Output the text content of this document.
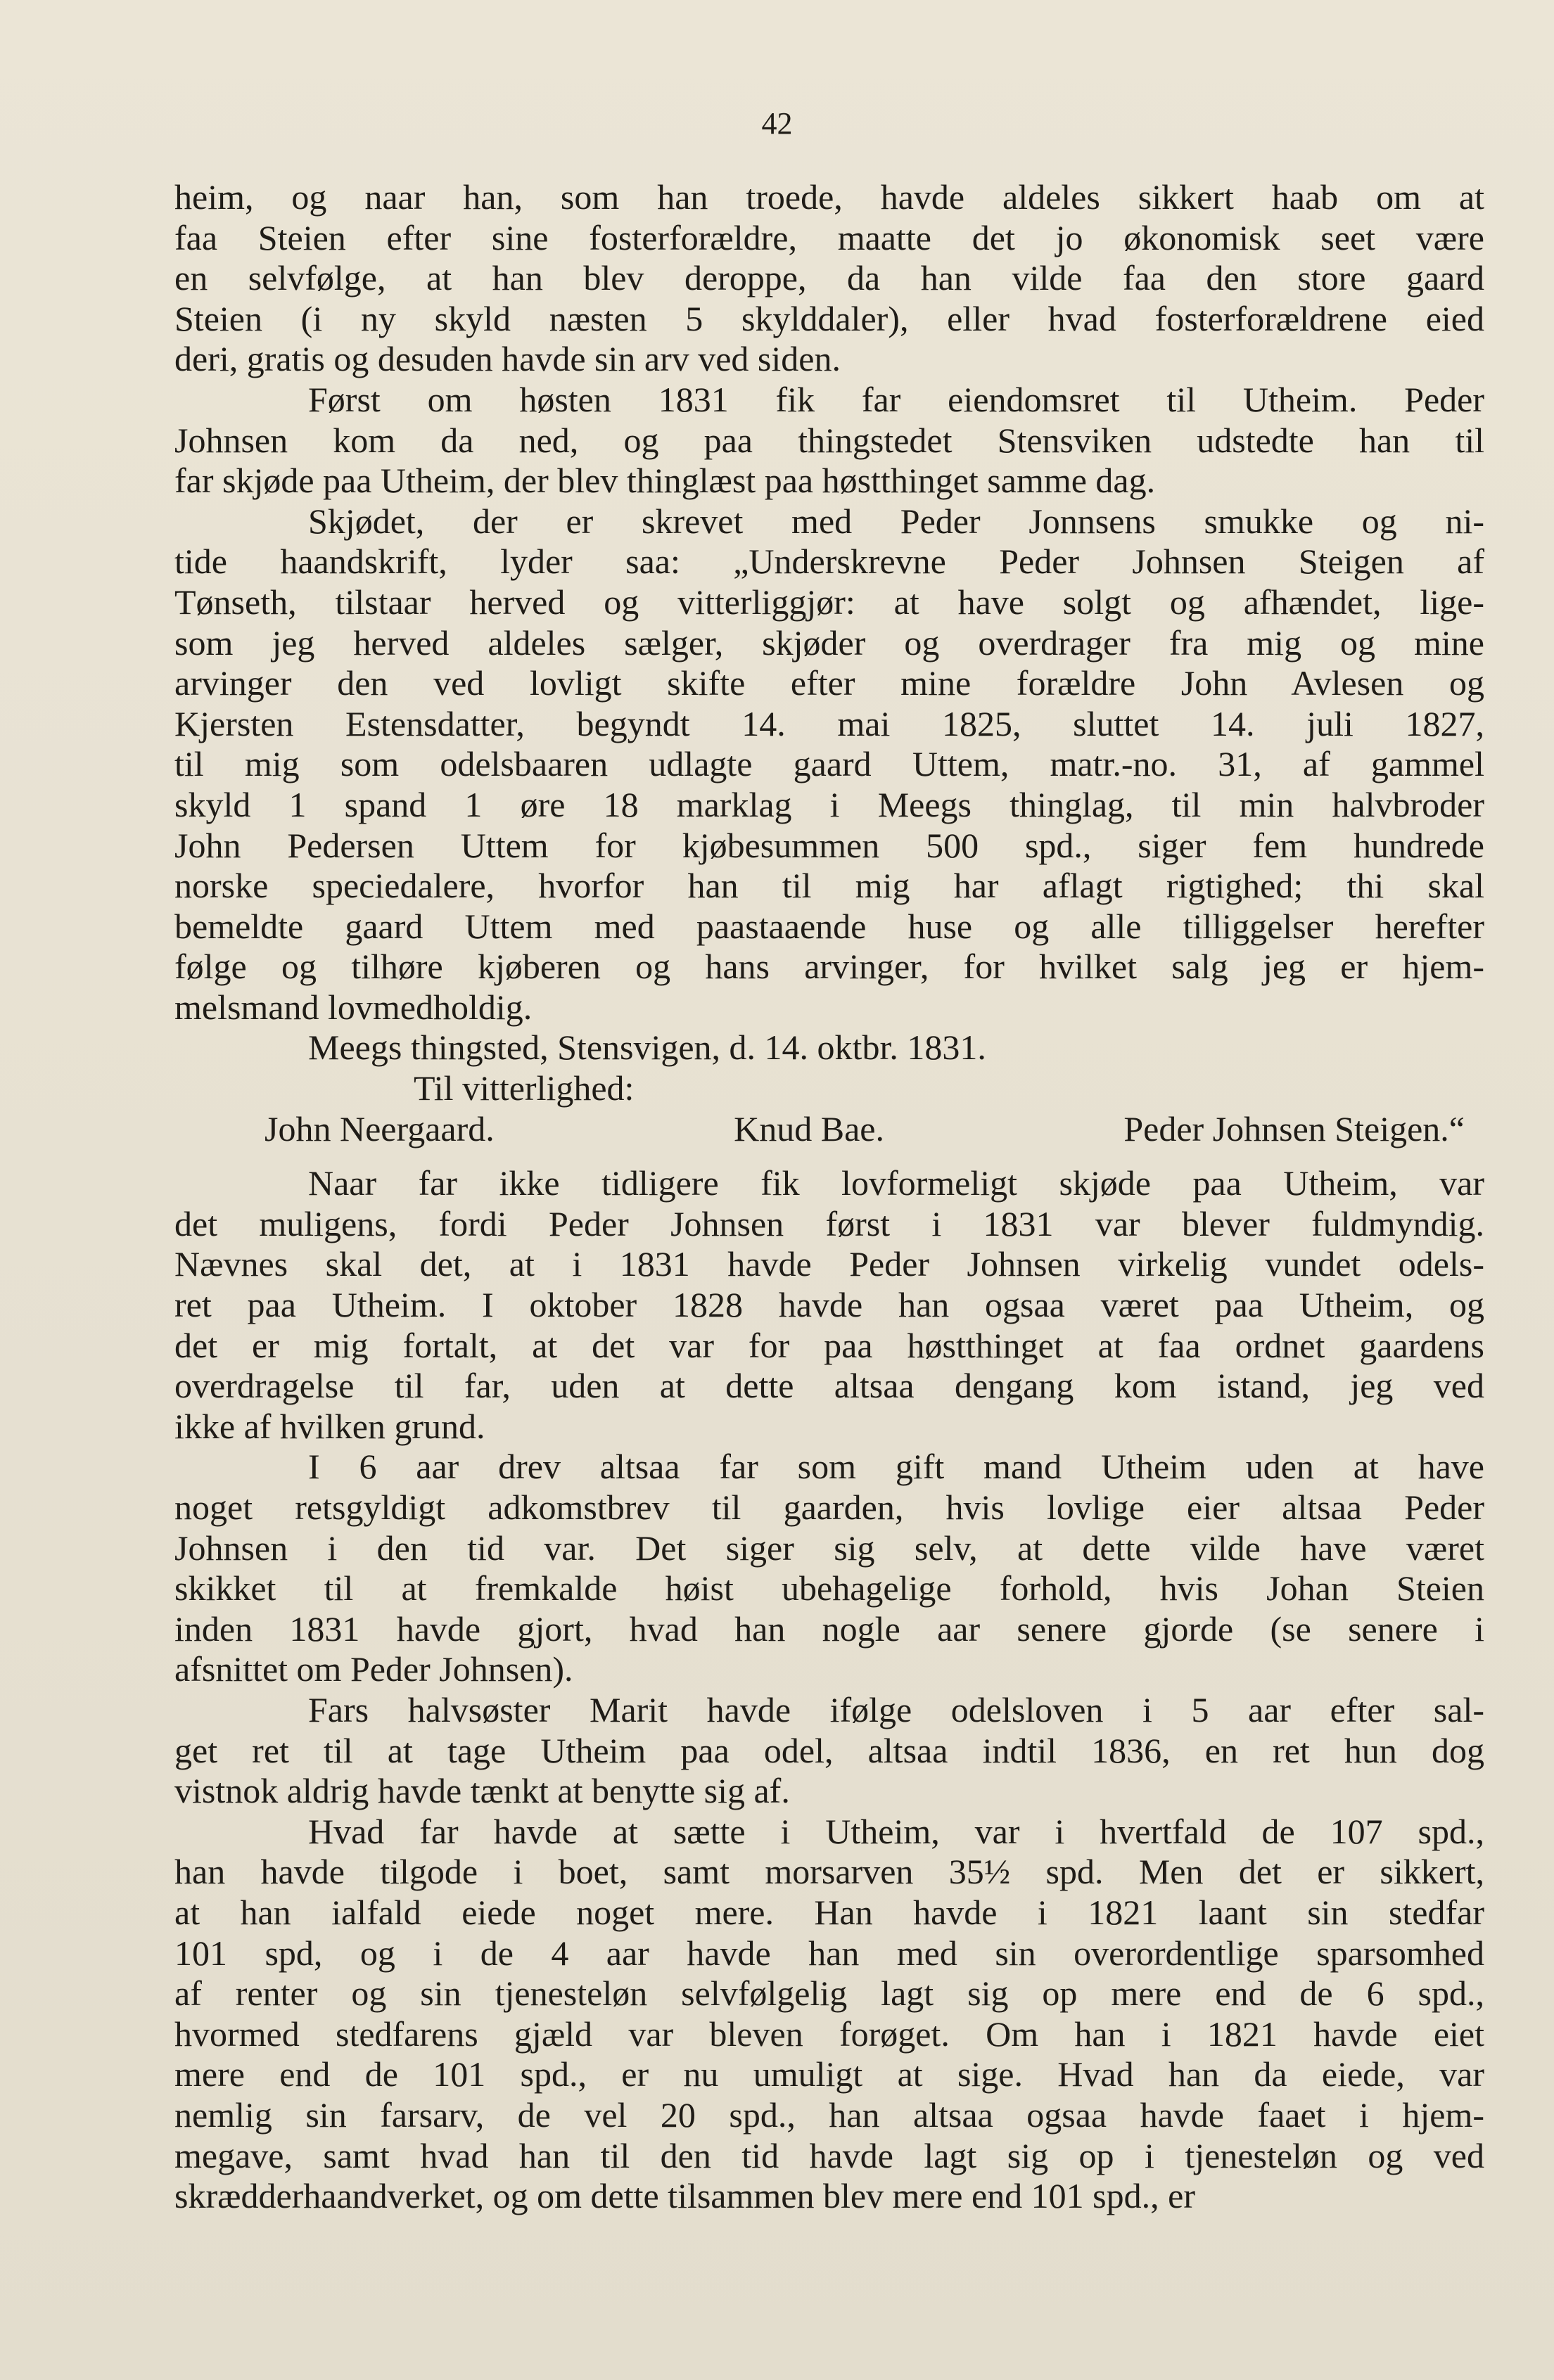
42
heim, og naar han, som han troede, havde aldeles sikkert haab om at
faa Steien efter sine fosterforældre, maatte det jo økonomisk seet være
en selvfølge, at han blev deroppe, da han vilde faa den store gaard
Steien (i ny skyld næsten 5 skylddaler), eller hvad fosterforældrene eied
deri, gratis og desuden havde sin arv ved siden.
Først om høsten 1831 fik far eiendomsret til Utheim. Peder
Johnsen kom da ned, og paa thingstedet Stensviken udstedte han til
far skjøde paa Utheim, der blev thinglæst paa høstthinget samme dag.
Skjødet, der er skrevet med Peder Jonnsens smukke og ni-
tide haandskrift, lyder saa: „Underskrevne Peder Johnsen Steigen af
Tønseth, tilstaar herved og vitterliggjør: at have solgt og afhændet, lige-
som jeg herved aldeles sælger, skjøder og overdrager fra mig og mine
arvinger den ved lovligt skifte efter mine forældre John Avlesen og
Kjersten Estensdatter, begyndt 14. mai 1825, sluttet 14. juli 1827,
til mig som odelsbaaren udlagte gaard Uttem, matr.-no. 31, af gammel
skyld 1 spand 1 øre 18 marklag i Meegs thinglag, til min halvbroder
John Pedersen Uttem for kjøbesummen 500 spd., siger fem hundrede
norske speciedalere, hvorfor han til mig har aflagt rigtighed; thi skal
bemeldte gaard Uttem med paastaaende huse og alle tilliggelser herefter
følge og tilhøre kjøberen og hans arvinger, for hvilket salg jeg er hjem-
melsmand lovmedholdig.
Meegs thingsted, Stensvigen, d. 14. oktbr. 1831.
Til vitterlighed:
John Neergaard.	Knud Bae.	Peder Johnsen Steigen.“
Naar far ikke tidligere fik lovformeligt skjøde paa Utheim, var
det muligens, fordi Peder Johnsen først i 1831 var blever fuldmyndig.
Nævnes skal det, at i 1831 havde Peder Johnsen virkelig vundet odels-
ret paa Utheim. I oktober 1828 havde han ogsaa været paa Utheim, og
det er mig fortalt, at det var for paa høstthinget at faa ordnet gaardens
overdragelse til far, uden at dette altsaa dengang kom istand, jeg ved
ikke af hvilken grund.
I 6 aar drev altsaa far som gift mand Utheim uden at have
noget retsgyldigt adkomstbrev til gaarden, hvis lovlige eier altsaa Peder
Johnsen i den tid var. Det siger sig selv, at dette vilde have været
skikket til at fremkalde høist ubehagelige forhold, hvis Johan Steien
inden 1831 havde gjort, hvad han nogle aar senere gjorde (se senere i
afsnittet om Peder Johnsen).
Fars halvsøster Marit havde ifølge odelsloven i 5 aar efter sal-
get ret til at tage Utheim paa odel, altsaa indtil 1836, en ret hun dog
vistnok aldrig havde tænkt at benytte sig af.
Hvad far havde at sætte i Utheim, var i hvertfald de 107 spd.,
han havde tilgode i boet, samt morsarven 35½ spd. Men det er sikkert,
at han ialfald eiede noget mere. Han havde i 1821 laant sin stedfar
101 spd, og i de 4 aar havde han med sin overordentlige sparsomhed
af renter og sin tjenesteløn selvfølgelig lagt sig op mere end de 6 spd.,
hvormed stedfarens gjæld var bleven forøget. Om han i 1821 havde eiet
mere end de 101 spd., er nu umuligt at sige. Hvad han da eiede, var
nemlig sin farsarv, de vel 20 spd., han altsaa ogsaa havde faaet i hjem-
megave, samt hvad han til den tid havde lagt sig op i tjenesteløn og ved
skrædderhaandverket, og om dette tilsammen blev mere end 101 spd., er
